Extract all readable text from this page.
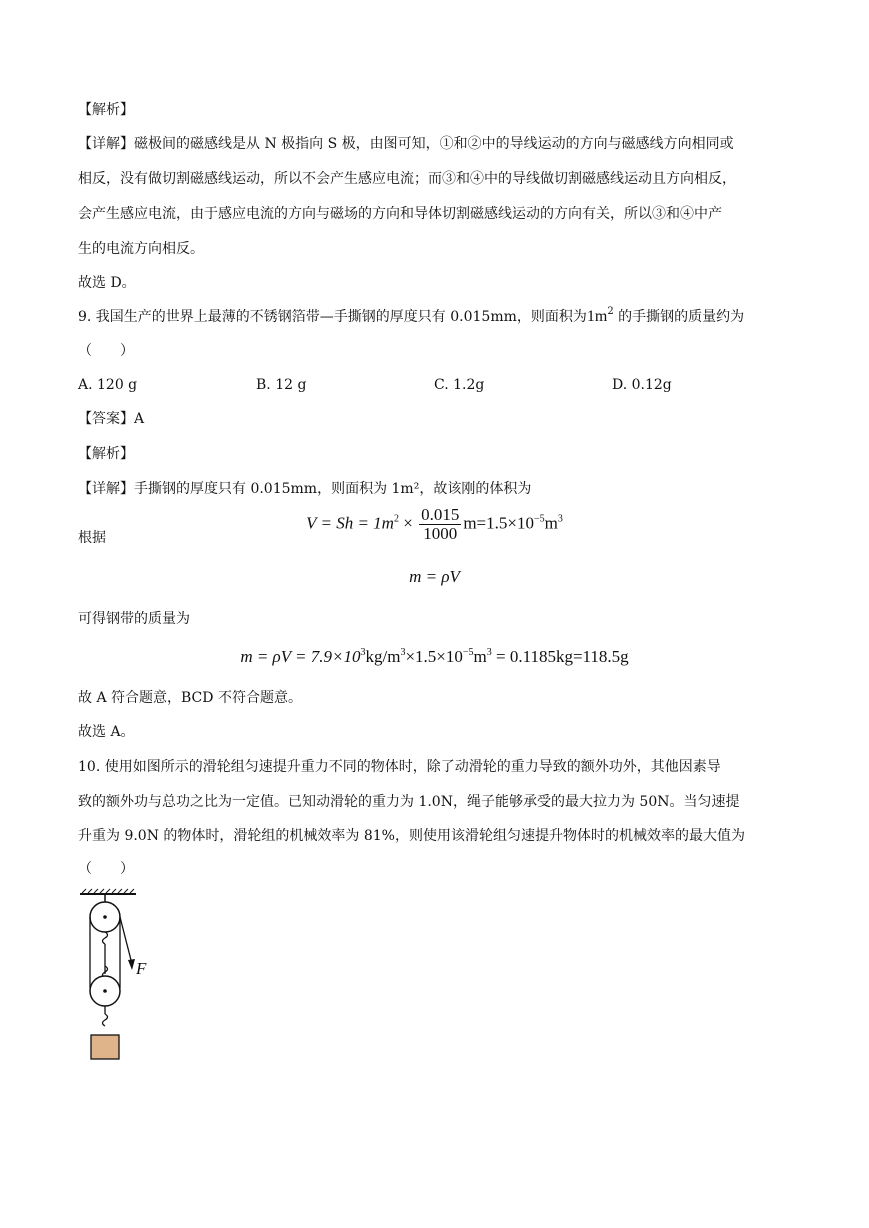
【解析】
【详解】磁极间的磁感线是从 N 极指向 S 极，由图可知，①和②中的导线运动的方向与磁感线方向相同或
相反，没有做切割磁感线运动，所以不会产生感应电流；而③和④中的导线做切割磁感线运动且方向相反，
会产生感应电流，由于感应电流的方向与磁场的方向和导体切割磁感线运动的方向有关，所以③和④中产
生的电流方向相反。
故选 D。
9. 我国生产的世界上最薄的不锈钢箔带—手撕钢的厚度只有 0.015mm，则面积为$1m^2$ 的手撕钢的质量约为
（　　）
A. 120 g	B. 12 g	C. 1.2g	D. 0.12g
【答案】A
【解析】
【详解】手撕钢的厚度只有 0.015mm，则面积为 1m²，故该刚的体积为
$V = Sh = 1m^2 \times \frac{0.015}{1000} m=1.5\times 10^{-5}m^3$
根据
m = ρV
可得钢带的质量为
$m = \rho V = 7.9\times 10^3kg/m^3\times 1.5\times 10^{-5}m^3 = 0.1185kg=118.5g$
故 A 符合题意，BCD 不符合题意。
故选 A。
10. 使用如图所示的滑轮组匀速提升重力不同的物体时，除了动滑轮的重力导致的额外功外，其他因素导
致的额外功与总功之比为一定值。已知动滑轮的重力为 1.0N，绳子能够承受的最大拉力为 50N。当匀速提
升重为 9.0N 的物体时，滑轮组的机械效率为 81%，则使用该滑轮组匀速提升物体时的机械效率的最大值为
（　　）
F
